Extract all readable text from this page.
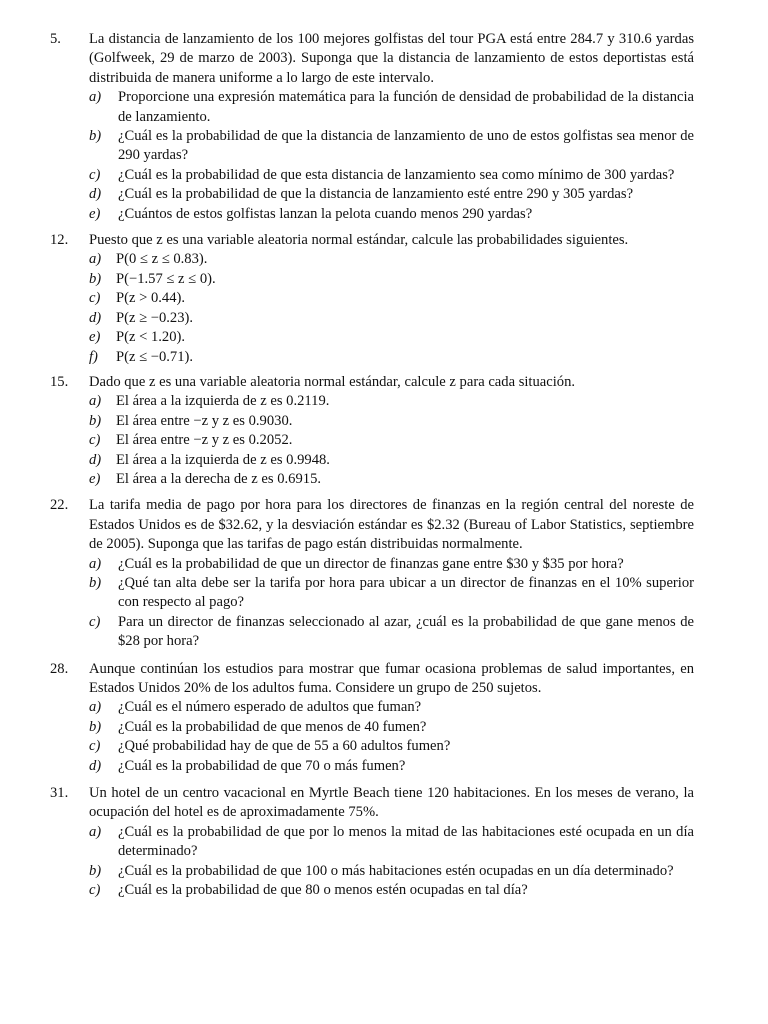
5.	La distancia de lanzamiento de los 100 mejores golfistas del tour PGA está entre 284.7 y 310.6 yardas (Golfweek, 29 de marzo de 2003). Suponga que la distancia de lanzamiento de estos deportistas está distribuida de manera uniforme a lo largo de este intervalo.
a) Proporcione una expresión matemática para la función de densidad de probabilidad de la distancia de lanzamiento.
b) ¿Cuál es la probabilidad de que la distancia de lanzamiento de uno de estos golfistas sea menor de 290 yardas?
c) ¿Cuál es la probabilidad de que esta distancia de lanzamiento sea como mínimo de 300 yardas?
d) ¿Cuál es la probabilidad de que la distancia de lanzamiento esté entre 290 y 305 yardas?
e) ¿Cuántos de estos golfistas lanzan la pelota cuando menos 290 yardas?
12.	Puesto que z es una variable aleatoria normal estándar, calcule las probabilidades siguientes.
a) P(0 ≤ z ≤ 0.83).
b) P(−1.57 ≤ z ≤ 0).
c) P(z > 0.44).
d) P(z ≥ −0.23).
e) P(z < 1.20).
f) P(z ≤ −0.71).
15.	Dado que z es una variable aleatoria normal estándar, calcule z para cada situación.
a) El área a la izquierda de z es 0.2119.
b) El área entre −z y z es 0.9030.
c) El área entre −z y z es 0.2052.
d) El área a la izquierda de z es 0.9948.
e) El área a la derecha de z es 0.6915.
22.	La tarifa media de pago por hora para los directores de finanzas en la región central del noreste de Estados Unidos es de $32.62, y la desviación estándar es $2.32 (Bureau of Labor Statistics, septiembre de 2005). Suponga que las tarifas de pago están distribuidas normalmente.
a) ¿Cuál es la probabilidad de que un director de finanzas gane entre $30 y $35 por hora?
b) ¿Qué tan alta debe ser la tarifa por hora para ubicar a un director de finanzas en el 10% superior con respecto al pago?
c) Para un director de finanzas seleccionado al azar, ¿cuál es la probabilidad de que gane menos de $28 por hora?
28.	Aunque continúan los estudios para mostrar que fumar ocasiona problemas de salud importantes, en Estados Unidos 20% de los adultos fuma. Considere un grupo de 250 sujetos.
a) ¿Cuál es el número esperado de adultos que fuman?
b) ¿Cuál es la probabilidad de que menos de 40 fumen?
c) ¿Qué probabilidad hay de que de 55 a 60 adultos fumen?
d) ¿Cuál es la probabilidad de que 70 o más fumen?
31.	Un hotel de un centro vacacional en Myrtle Beach tiene 120 habitaciones. En los meses de verano, la ocupación del hotel es de aproximadamente 75%.
a) ¿Cuál es la probabilidad de que por lo menos la mitad de las habitaciones esté ocupada en un día determinado?
b) ¿Cuál es la probabilidad de que 100 o más habitaciones estén ocupadas en un día determinado?
c) ¿Cuál es la probabilidad de que 80 o menos estén ocupadas en tal día?
